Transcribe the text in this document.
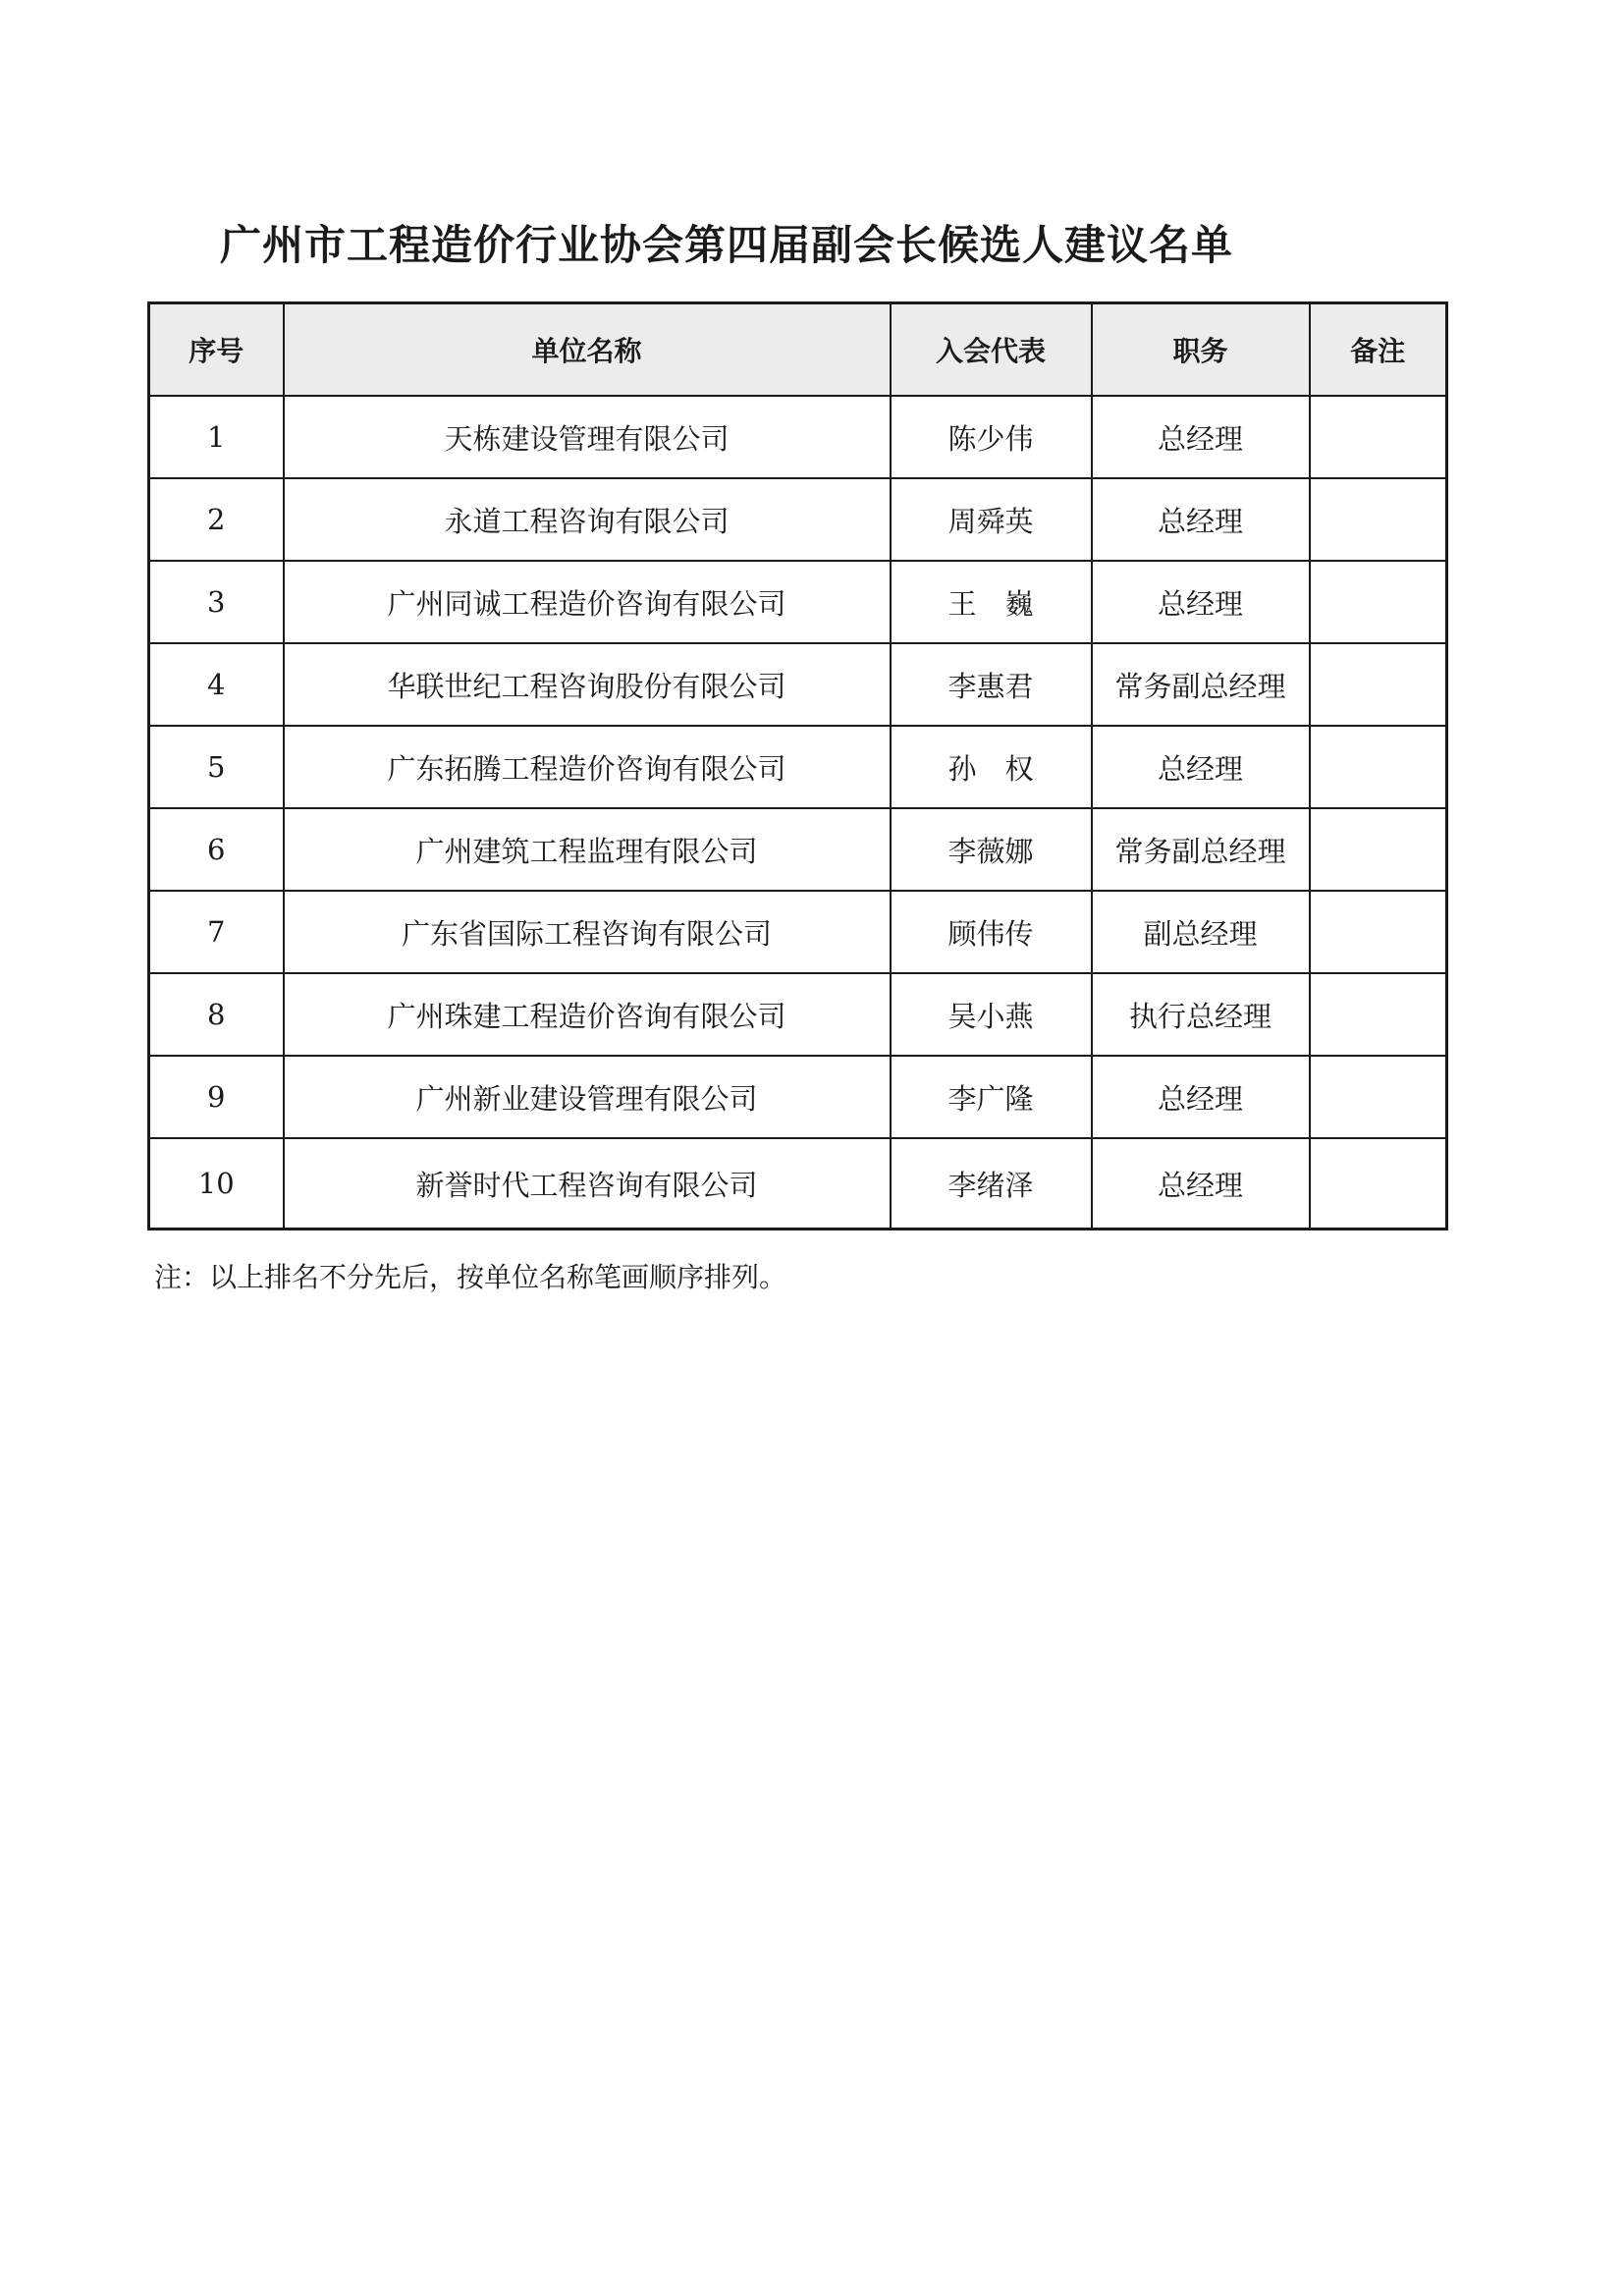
广州市工程造价行业协会第四届副会长候选人建议名单
序号	单位名称	入会代表	职务	备注
1	天栋建设管理有限公司	陈少伟	总经理	
2	永道工程咨询有限公司	周舜英	总经理	
3	广州同诚工程造价咨询有限公司	王　巍	总经理	
4	华联世纪工程咨询股份有限公司	李惠君	常务副总经理	
5	广东拓腾工程造价咨询有限公司	孙　权	总经理	
6	广州建筑工程监理有限公司	李薇娜	常务副总经理	
7	广东省国际工程咨询有限公司	顾伟传	副总经理	
8	广州珠建工程造价咨询有限公司	吴小燕	执行总经理	
9	广州新业建设管理有限公司	李广隆	总经理	
10	新誉时代工程咨询有限公司	李绪泽	总经理	
注：以上排名不分先后，按单位名称笔画顺序排列。
